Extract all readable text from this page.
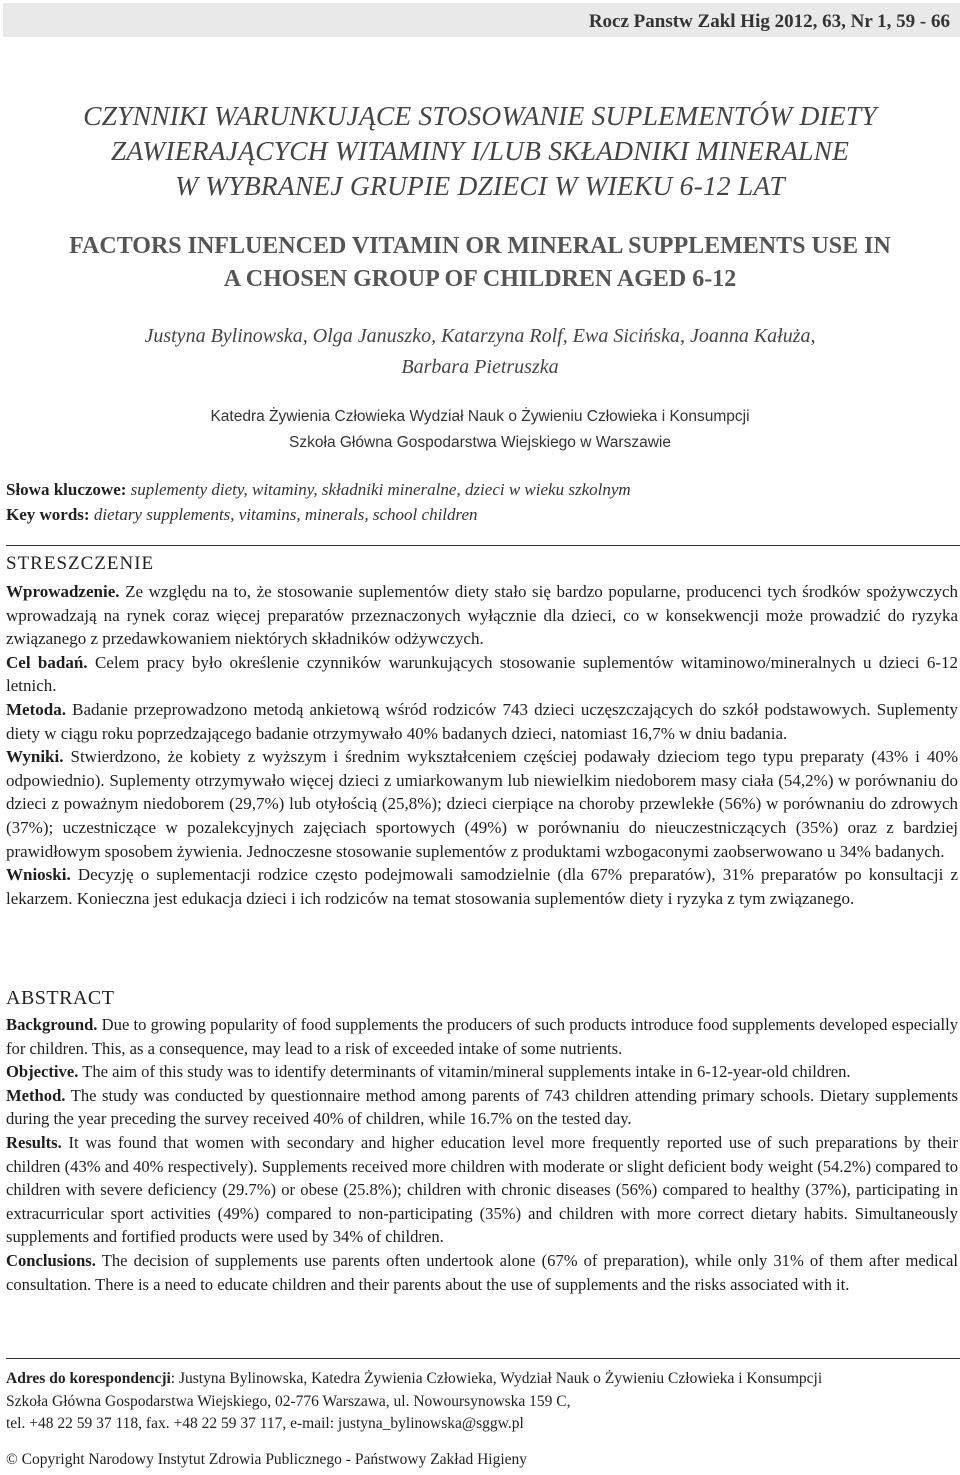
Rocz Panstw Zakl Hig 2012, 63, Nr 1, 59 - 66
CZYNNIKI WARUNKUJĄCE STOSOWANIE SUPLEMENTÓW DIETY
ZAWIERAJĄCYCH WITAMINY I/LUB SKŁADNIKI MINERALNE
W WYBRANEJ GRUPIE DZIECI W WIEKU 6-12 LAT
FACTORS INFLUENCED VITAMIN OR MINERAL SUPPLEMENTS USE IN
A CHOSEN GROUP OF CHILDREN AGED 6-12
Justyna Bylinowska, Olga Januszko, Katarzyna Rolf, Ewa Sicińska, Joanna Kałuża,
Barbara Pietruszka
Katedra Żywienia Człowieka Wydział Nauk o Żywieniu Człowieka i Konsumpcji
Szkoła Główna Gospodarstwa Wiejskiego w Warszawie
Słowa kluczowe: suplementy diety, witaminy, składniki mineralne, dzieci w wieku szkolnym
Key words: dietary supplements, vitamins, minerals, school children
STRESZCZENIE

Wprowadzenie. Ze względu na to, że stosowanie suplementów diety stało się bardzo popularne, producenci tych środków spożywczych wprowadzają na rynek coraz więcej preparatów przeznaczonych wyłącznie dla dzieci, co w konsekwencji może prowadzić do ryzyka związanego z przedawkowaniem niektórych składników odżywczych.

Cel badań. Celem pracy było określenie czynników warunkujących stosowanie suplementów witaminowo/mineralnych u dzieci 6-12 letnich.

Metoda. Badanie przeprowadzono metodą ankietową wśród rodziców 743 dzieci uczęszczających do szkół podstawowych. Suplementy diety w ciągu roku poprzedzającego badanie otrzymywało 40% badanych dzieci, natomiast 16,7% w dniu badania.

Wyniki. Stwierdzono, że kobiety z wyższym i średnim wykształceniem częściej podawały dzieciom tego typu preparaty (43% i 40% odpowiednio). Suplementy otrzymywało więcej dzieci z umiarkowanym lub niewielkim niedoborem masy ciała (54,2%) w porównaniu do dzieci z poważnym niedoborem (29,7%) lub otyłością (25,8%); dzieci cierpiące na choroby przewlekłe (56%) w porównaniu do zdrowych (37%); uczestniczące w pozalekcyjnych zajęciach sportowych (49%) w porównaniu do nieuczestniczących (35%) oraz z bardziej prawidłowym sposobem żywienia. Jednoczesne stosowanie suplementów z produktami wzbogaconymi zaobserwowano u 34% badanych.

Wnioski. Decyzję o suplementacji rodzice często podejmowali samodzielnie (dla 67% preparatów), 31% preparatów po konsultacji z lekarzem. Konieczna jest edukacja dzieci i ich rodziców na temat stosowania suplementów diety i ryzyka z tym związanego.

ABSTRACT

Background. Due to growing popularity of food supplements the producers of such products introduce food supplements developed especially for children. This, as a consequence, may lead to a risk of exceeded intake of some nutrients.

Objective. The aim of this study was to identify determinants of vitamin/mineral supplements intake in 6-12-year-old children.

Method. The study was conducted by questionnaire method among parents of 743 children attending primary schools. Dietary supplements during the year preceding the survey received 40% of children, while 16.7% on the tested day.

Results. It was found that women with secondary and higher education level more frequently reported use of such preparations by their children (43% and 40% respectively). Supplements received more children with moderate or slight deficient body weight (54.2%) compared to children with severe deficiency (29.7%) or obese (25.8%); children with chronic diseases (56%) compared to healthy (37%), participating in extracurricular sport activities (49%) compared to non-participating (35%) and children with more correct dietary habits. Simultaneously supplements and fortified products were used by 34% of children.

Conclusions. The decision of supplements use parents often undertook alone (67% of preparation), while only 31% of them after medical consultation. There is a need to educate children and their parents about the use of supplements and the risks associated with it.

Adres do korespondencji: Justyna Bylinowska, Katedra Żywienia Człowieka, Wydział Nauk o Żywieniu Człowieka i Konsumpcji
Szkoła Główna Gospodarstwa Wiejskiego, 02-776 Warszawa, ul. Nowoursynowska 159 C,
tel. +48 22 59 37 118, fax. +48 22 59 37 117, e-mail: justyna_bylinowska@sggw.pl
© Copyright Narodowy Instytut Zdrowia Publicznego - Państwowy Zakład Higieny
